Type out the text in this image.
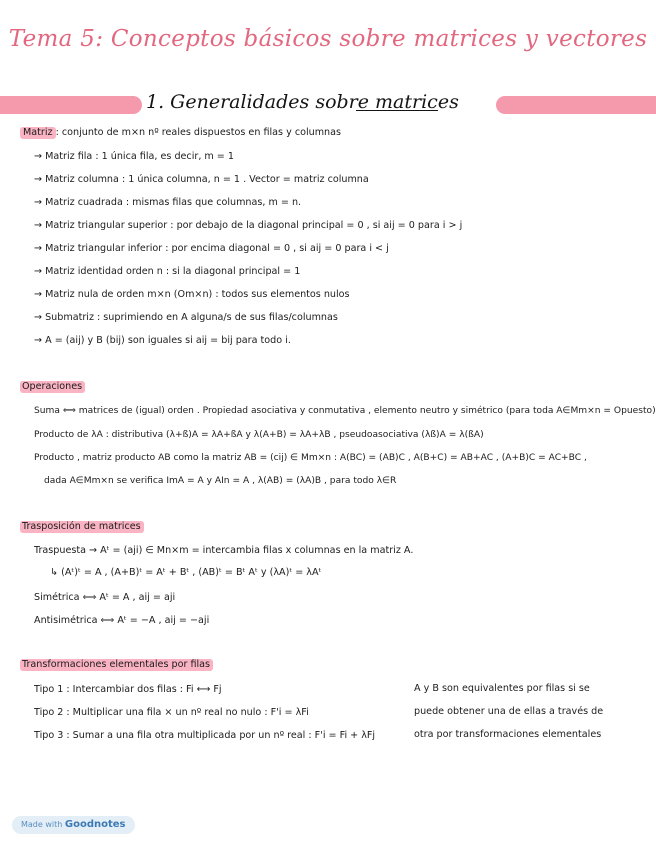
Tema 5: Conceptos básicos sobre matrices y vectores
1. Generalidades sobre matrices
Matriz : conjunto de m×n nº reales dispuestos en filas y columnas
→ Matriz fila : 1 única fila, es decir, m = 1
→ Matriz columna : 1 única columna, n = 1 . Vector = matriz columna
→ Matriz cuadrada : mismas filas que columnas, m = n.
→ Matriz triangular superior : por debajo de la diagonal principal = 0 , si aij = 0 para i > j
→ Matriz triangular inferior : por encima diagonal = 0 , si aij = 0 para i < j
→ Matriz identidad orden n : si la diagonal principal = 1
→ Matriz nula de orden m×n (Om×n) : todos sus elementos nulos
→ Submatriz : suprimiendo en A alguna/s de sus filas/columnas
→ A = (aij) y B (bij) son iguales si aij = bij para todo i.
Operaciones
Suma ⟺ matrices de (igual) orden . Propiedad asociativa y conmutativa , elemento neutro y simétrico (para toda A∈Mm×n = Opuesto)
Producto de λA : distributiva (λ+ß)A = λA+ßA y λ(A+B) = λA+λB , pseudoasociativa (λß)A = λ(ßA)
Producto , matriz producto AB como la matriz AB = (cij) ∈ Mm×n : A(BC) = (AB)C , A(B+C) = AB+AC , (A+B)C = AC+BC ,
dada A∈Mm×n se verifica ImA = A y AIn = A , λ(AB) = (λA)B , para todo λ∈R
Trasposición de matrices
Traspuesta → Aᵗ = (aji) ∈ Mn×m = intercambia filas x columnas en la matriz A.
↳ (Aᵗ)ᵗ = A , (A+B)ᵗ = Aᵗ + Bᵗ , (AB)ᵗ = Bᵗ Aᵗ y (λA)ᵗ = λAᵗ
Simétrica ⟺ Aᵗ = A , aij = aji
Antisimétrica ⟺ Aᵗ = −A , aij = −aji
Transformaciones elementales por filas
Tipo 1 : Intercambiar dos filas : Fi ⟷ Fj
Tipo 2 : Multiplicar una fila × un nº real no nulo : F'i = λFi
Tipo 3 : Sumar a una fila otra multiplicada por un nº real : F'i = Fi + λFj
A y B son equivalentes por filas si se
puede obtener una de ellas a través de
otra por transformaciones elementales
Made with Goodnotes
